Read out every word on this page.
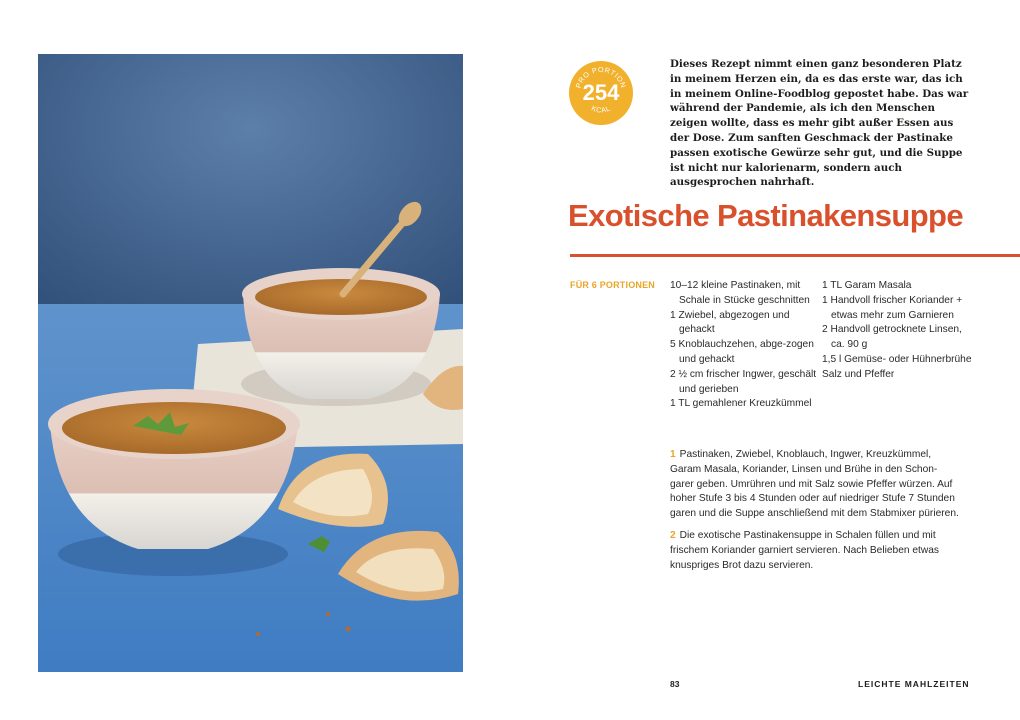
PRO PORTION
254
KCAL
Dieses Rezept nimmt einen ganz besonderen Platz in meinem Herzen ein, da es das erste war, das ich in meinem Online-Foodblog gepostet habe. Das war während der Pandemie, als ich den Menschen zeigen wollte, dass es mehr gibt außer Essen aus der Dose. Zum sanften Geschmack der Pastinake passen exotische Gewürze sehr gut, und die Suppe ist nicht nur kalorienarm, sondern auch ausgesprochen nahrhaft.
Exotische Pastinakensuppe
FÜR 6 PORTIONEN 10–12 kleine Pastinaken, mit Schale in Stücke geschnitten
1 Zwiebel, abgezogen und gehackt
5 Knoblauchzehen, abge-zogen und gehackt
2 ½ cm frischer Ingwer, geschält und gerieben
1 TL gemahlener Kreuzkümmel
1 TL Garam Masala
1 Handvoll frischer Koriander + etwas mehr zum Garnieren
2 Handvoll getrocknete Linsen, ca. 90 g
1,5 l Gemüse- oder Hühnerbrühe
Salz und Pfeffer

1 Pastinaken, Zwiebel, Knoblauch, Ingwer, Kreuzkümmel, Garam Masala, Koriander, Linsen und Brühe in den Schon-garer geben. Umrühren und mit Salz sowie Pfeffer würzen. Auf hoher Stufe 3 bis 4 Stunden oder auf niedriger Stufe 7 Stunden garen und die Suppe anschließend mit dem Stabmixer pürieren.

2 Die exotische Pastinakensuppe in Schalen füllen und mit frischem Koriander garniert servieren. Nach Belieben etwas knuspriges Brot dazu servieren.

83	LEICHTE MAHLZEITEN
